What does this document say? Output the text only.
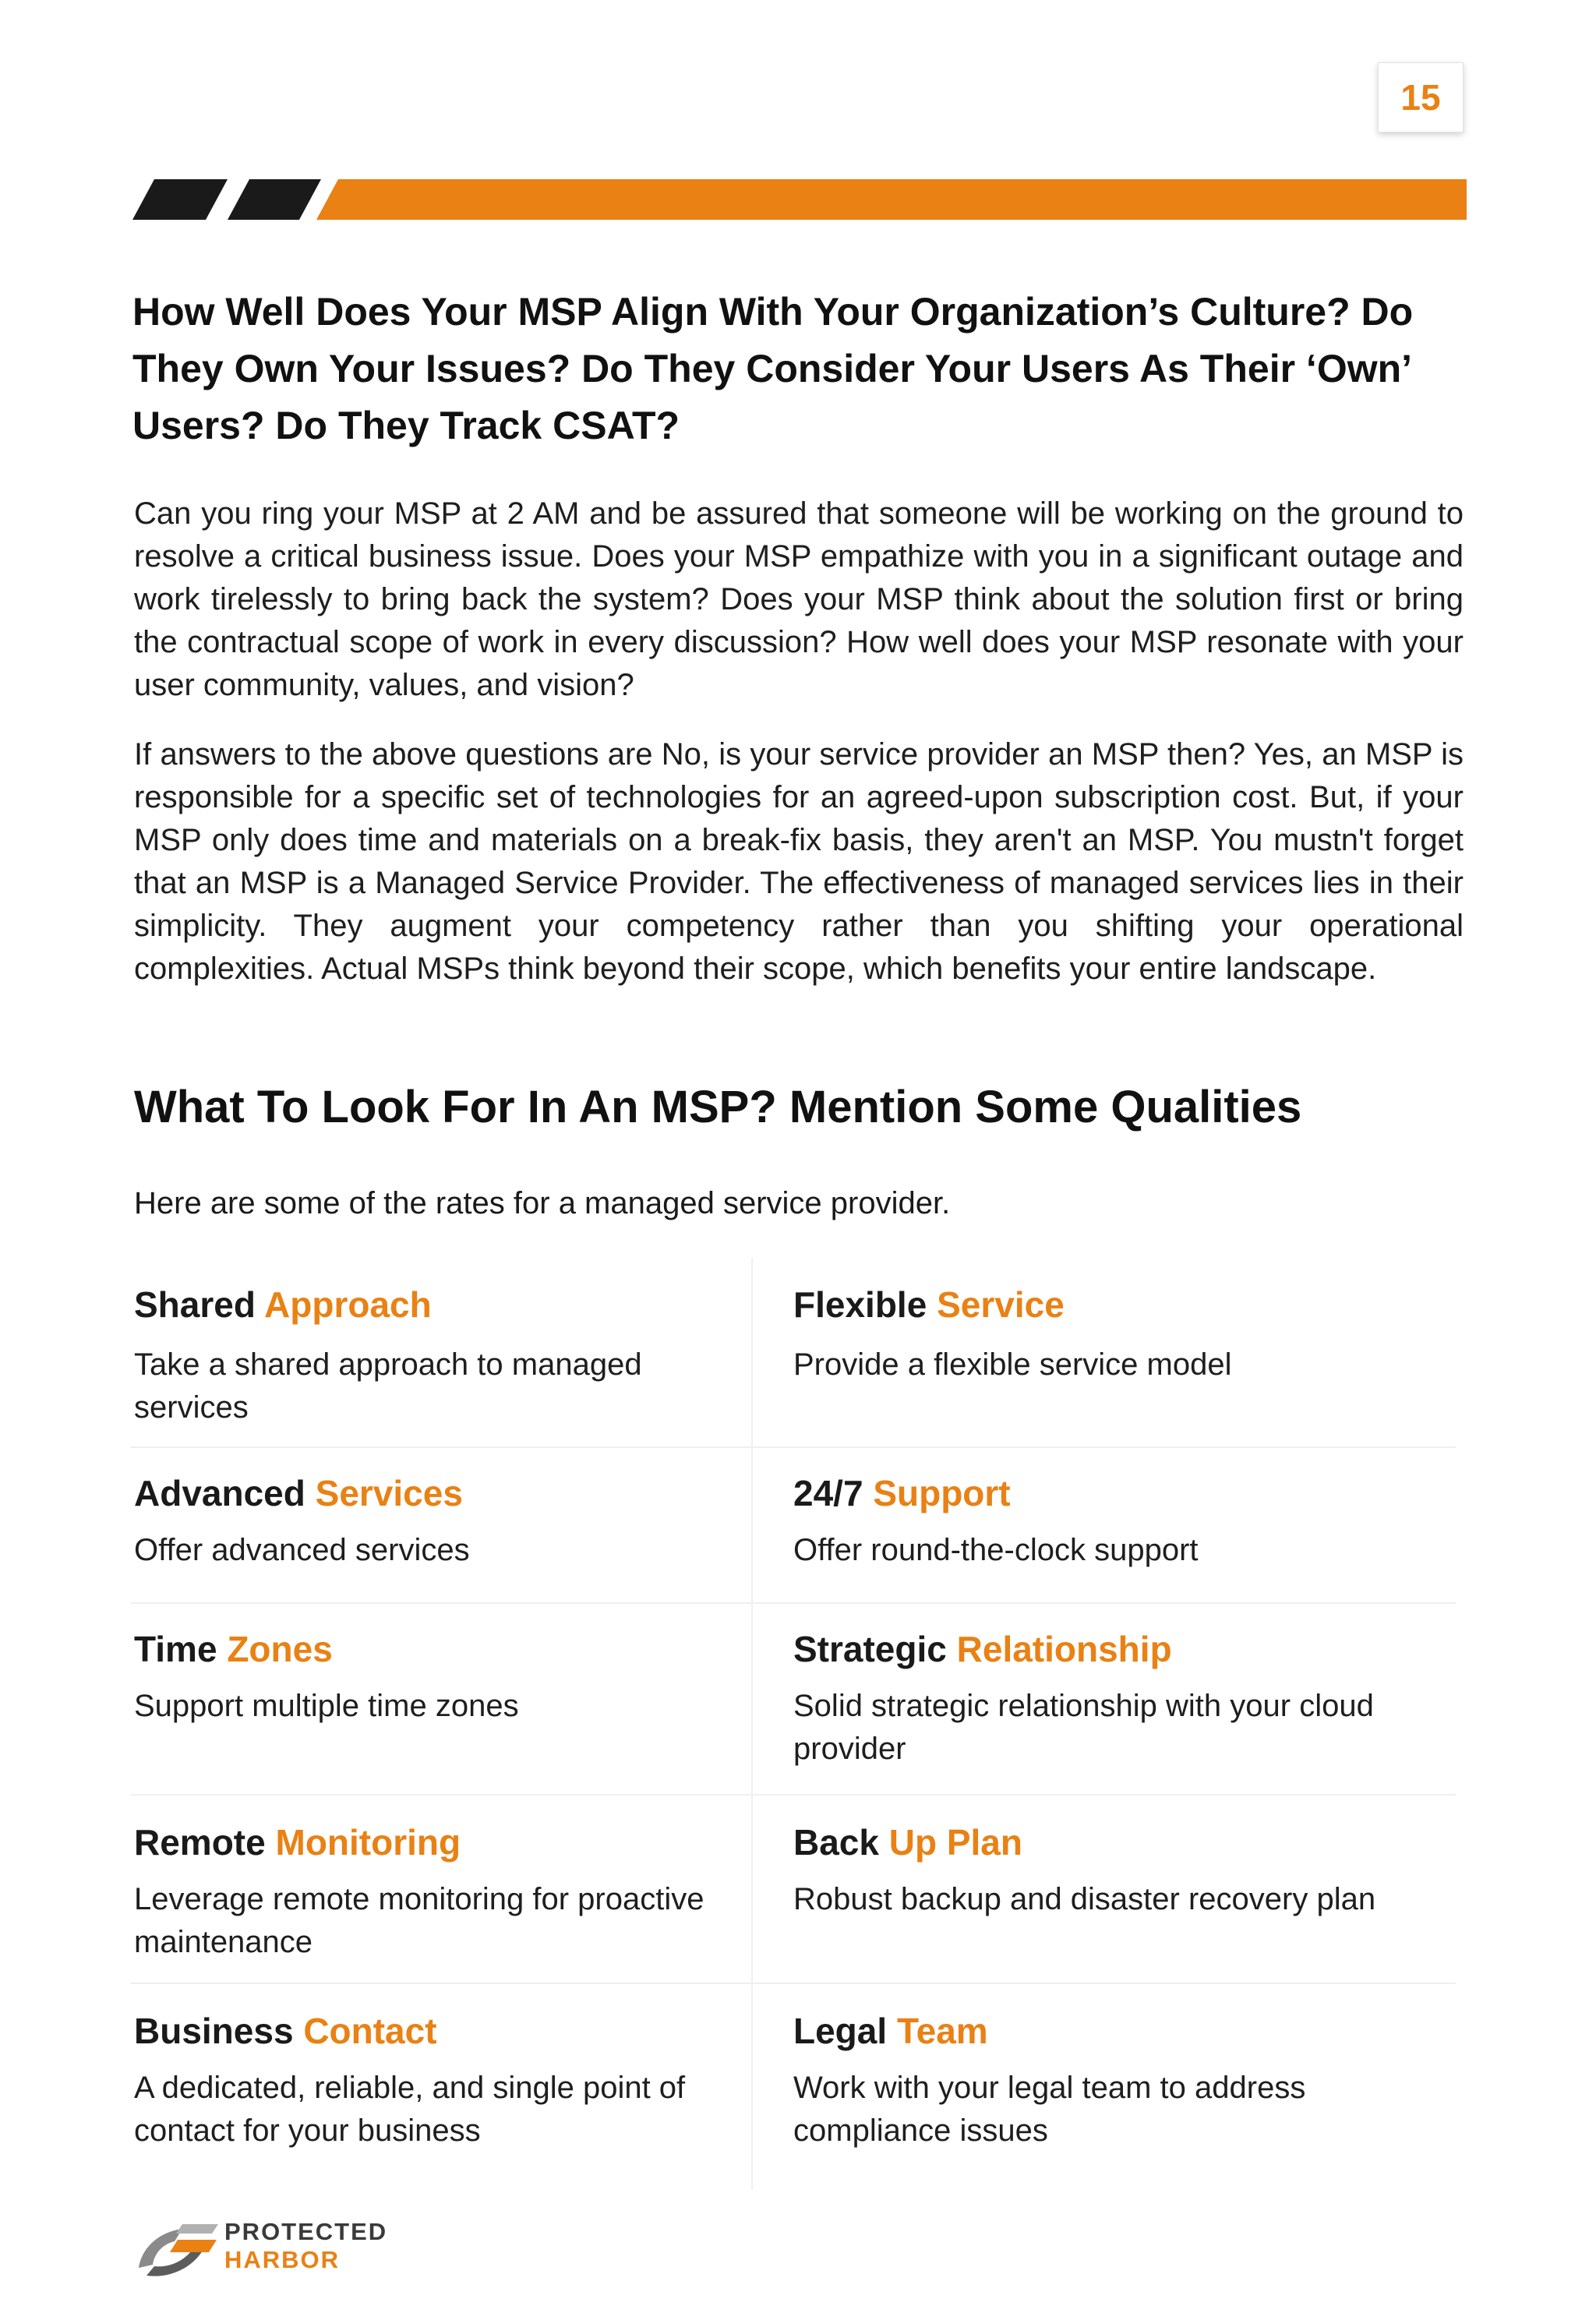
15
How Well Does Your MSP Align With Your Organization’s Culture? Do They Own Your Issues? Do They Consider Your Users As Their ‘Own’ Users? Do They Track CSAT?

Can you ring your MSP at 2 AM and be assured that someone will be working on the ground to resolve a critical business issue. Does your MSP empathize with you in a significant outage and work tirelessly to bring back the system? Does your MSP think about the solution first or bring the contractual scope of work in every discussion? How well does your MSP resonate with your user community, values, and vision?

If answers to the above questions are No, is your service provider an MSP then? Yes, an MSP is responsible for a specific set of technologies for an agreed-upon subscription cost. But, if your MSP only does time and materials on a break-fix basis, they aren't an MSP. You mustn't forget that an MSP is a Managed Service Provider. The effectiveness of managed services lies in their simplicity. They augment your competency rather than you shifting your operational complexities. Actual MSPs think beyond their scope, which benefits your entire landscape.

What To Look For In An MSP? Mention Some Qualities

Here are some of the rates for a managed service provider.

Shared Approach
Take a shared approach to managed services
Flexible Service
Provide a flexible service model
Advanced Services
Offer advanced services
24/7 Support
Offer round-the-clock support
Time Zones
Support multiple time zones
Strategic Relationship
Solid strategic relationship with your cloud provider
Remote Monitoring
Leverage remote monitoring for proactive maintenance
Back Up Plan
Robust backup and disaster recovery plan
Business Contact
A dedicated, reliable, and single point of contact for your business
Legal Team
Work with your legal team to address compliance issues
PROTECTED
HARBOR
